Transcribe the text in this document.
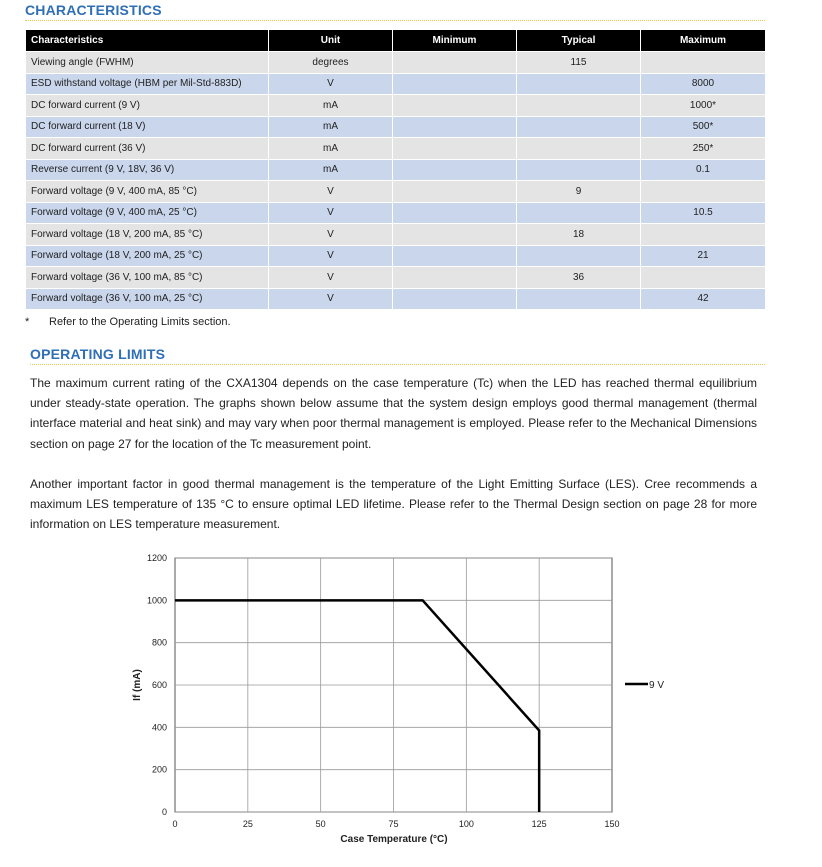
CHARACTERISTICS
Characteristics	Unit	Minimum	Typical	Maximum
Viewing angle (FWHM)	degrees		115	
ESD withstand voltage (HBM per Mil-Std-883D)	V			8000
DC forward current (9 V)	mA			1000*
DC forward current (18 V)	mA			500*
DC forward current (36 V)	mA			250*
Reverse current (9 V, 18V, 36 V)	mA			0.1
Forward voltage (9 V, 400 mA, 85 °C)	V		9	
Forward voltage (9 V, 400 mA, 25 °C)	V			10.5
Forward voltage (18 V, 200 mA, 85 °C)	V		18	
Forward voltage (18 V, 200 mA, 25 °C)	V			21
Forward voltage (36 V, 100 mA, 85 °C)	V		36	
Forward voltage (36 V, 100 mA, 25 °C)	V			42
* Refer to the Operating Limits section.
OPERATING LIMITS
The maximum current rating of the CXA1304 depends on the case temperature (Tc) when the LED has reached thermal equilibrium under steady-state operation. The graphs shown below assume that the system design employs good thermal management (thermal interface material and heat sink) and may vary when poor thermal management is employed. Please refer to the Mechanical Dimensions section on page 27 for the location of the Tc measurement point.
Another important factor in good thermal management is the temperature of the Light Emitting Surface (LES). Cree recommends a maximum LES temperature of 135 °C to ensure optimal LED lifetime. Please refer to the Thermal Design section on page 28 for more information on LES temperature measurement.
0
200
400
600
800
1000
1200
0	25	50	75	100	125	150
9 V
Case Temperature (°C)
If (mA)
